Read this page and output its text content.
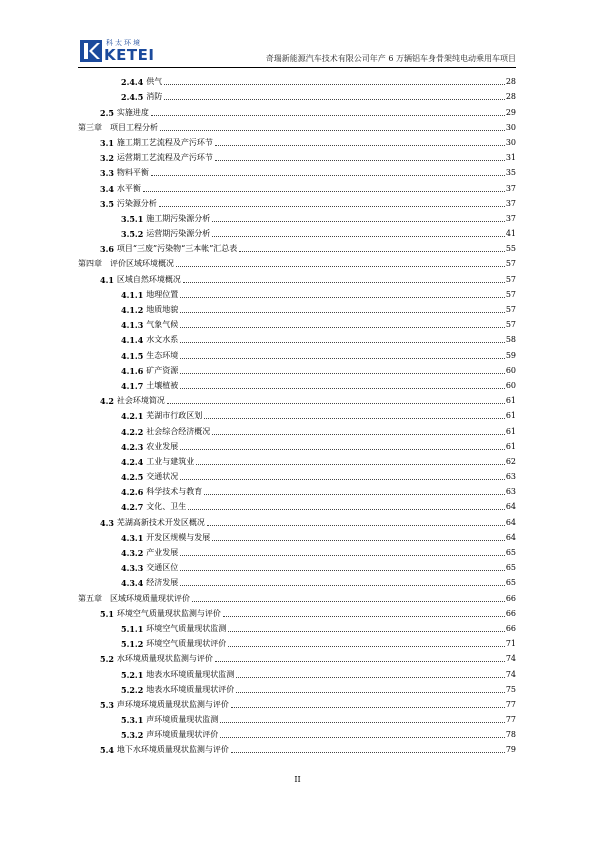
科太环境
KETEI	奇瑞新能源汽车技术有限公司年产 6 万辆铝车身骨架纯电动乘用车项目
2.4.4 供气	28
2.4.5 消防	28
2.5 实施进度	29
第三章 项目工程分析	30
3.1 施工期工艺流程及产污环节	30
3.2 运营期工艺流程及产污环节	31
3.3 物料平衡	35
3.4 水平衡	37
3.5 污染源分析	37
3.5.1 施工期污染源分析	37
3.5.2 运营期污染源分析	41
3.6 项目“三废”污染物“三本帐”汇总表	55
第四章 评价区域环境概况	57
4.1 区域自然环境概况	57
4.1.1 地理位置	57
4.1.2 地质地貌	57
4.1.3 气象气候	57
4.1.4 水文水系	58
4.1.5 生态环境	59
4.1.6 矿产资源	60
4.1.7 土壤植被	60
4.2 社会环境简况	61
4.2.1 芜湖市行政区划	61
4.2.2 社会综合经济概况	61
4.2.3 农业发展	61
4.2.4 工业与建筑业	62
4.2.5 交通状况	63
4.2.6 科学技术与教育	63
4.2.7 文化、卫生	64
4.3 芜湖高新技术开发区概况	64
4.3.1 开发区规模与发展	64
4.3.2 产业发展	65
4.3.3 交通区位	65
4.3.4 经济发展	65
第五章 区域环境质量现状评价	66
5.1 环境空气质量现状监测与评价	66
5.1.1 环境空气质量现状监测	66
5.1.2 环境空气质量现状评价	71
5.2 水环境质量现状监测与评价	74
5.2.1 地表水环境质量现状监测	74
5.2.2 地表水环境质量现状评价	75
5.3 声环境环境质量现状监测与评价	77
5.3.1 声环境质量现状监测	77
5.3.2 声环境质量现状评价	78
5.4 地下水环境质量现状监测与评价	79
II
